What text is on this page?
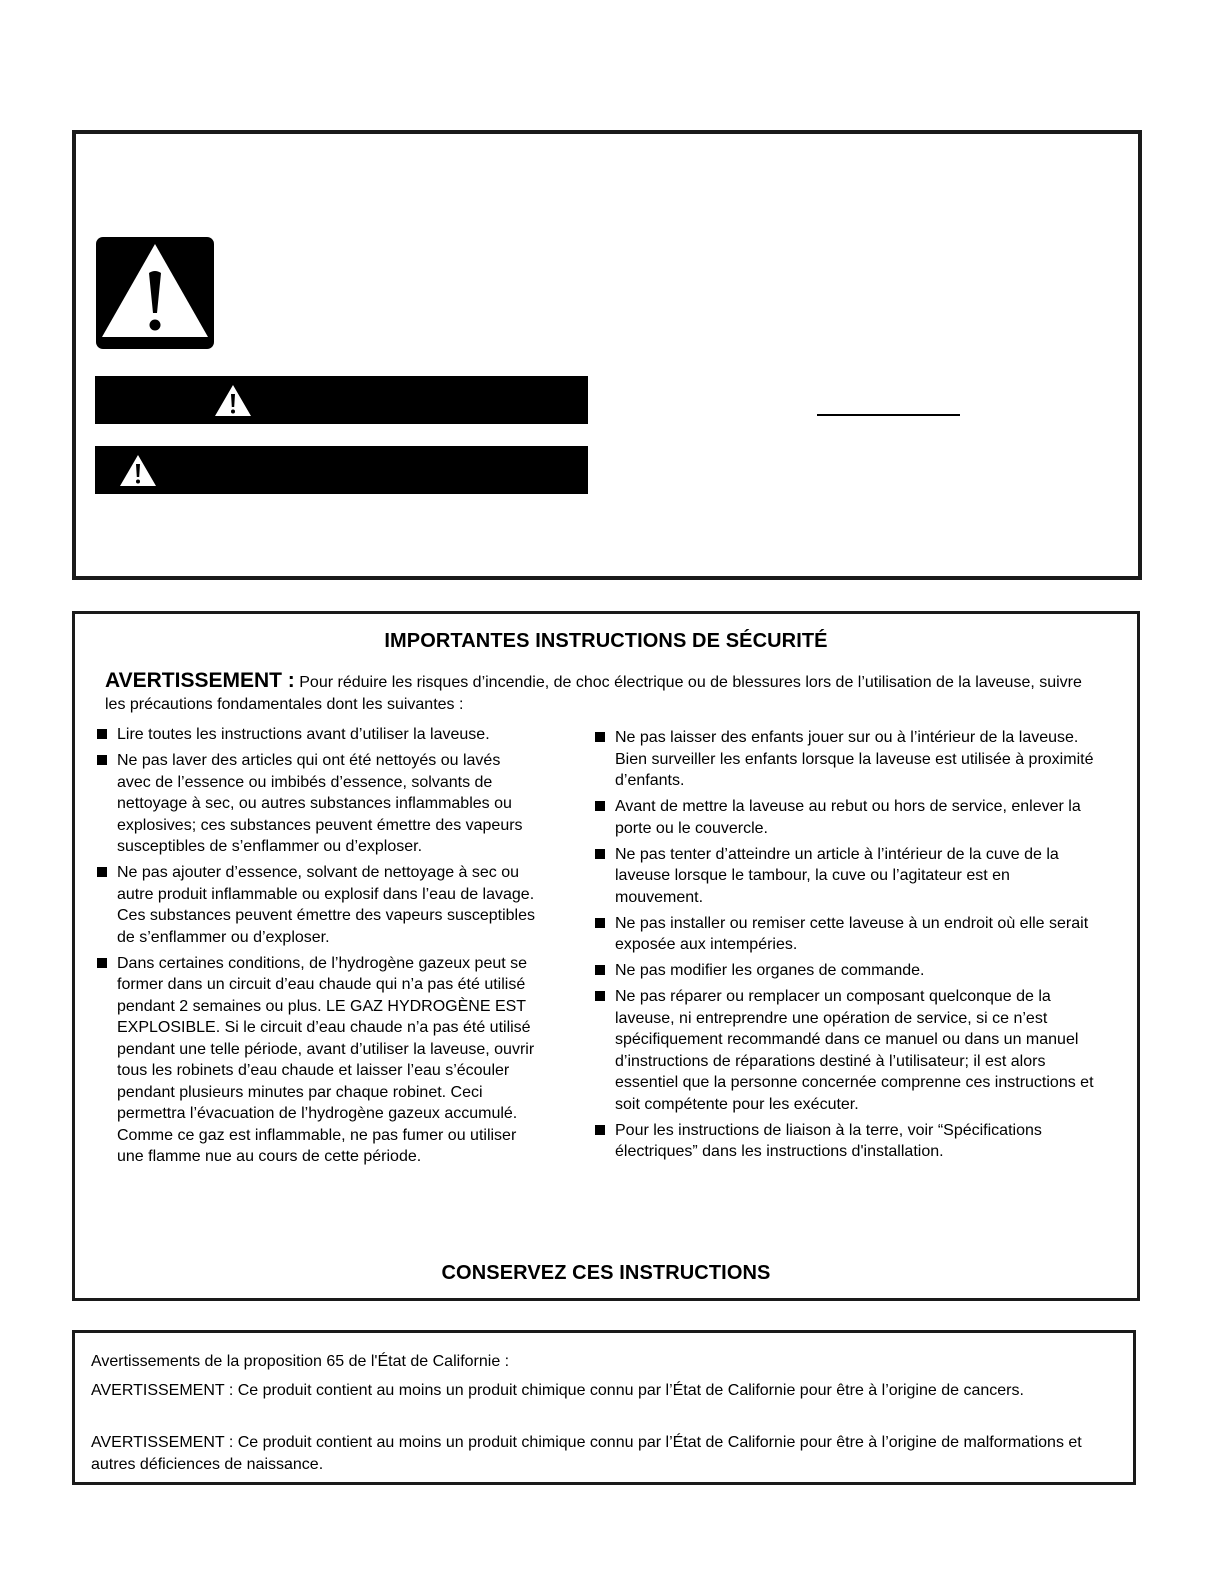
IMPORTANTES INSTRUCTIONS DE SÉCURITÉ
AVERTISSEMENT : Pour réduire les risques d’incendie, de choc électrique ou de blessures lors de l’utilisation de la laveuse, suivre les précautions fondamentales dont les suivantes :
Lire toutes les instructions avant d’utiliser la laveuse.
Ne pas laver des articles qui ont été nettoyés ou lavés avec de l’essence ou imbibés d’essence, solvants de nettoyage à sec, ou autres substances inflammables ou explosives; ces substances peuvent émettre des vapeurs susceptibles de s’enflammer ou d’exploser.
Ne pas ajouter d’essence, solvant de nettoyage à sec ou autre produit inflammable ou explosif dans l’eau de lavage. Ces substances peuvent émettre des vapeurs susceptibles de s’enflammer ou d’exploser.
Dans certaines conditions, de l’hydrogène gazeux peut se former dans un circuit d’eau chaude qui n’a pas été utilisé pendant 2 semaines ou plus. LE GAZ HYDROGÈNE EST EXPLOSIBLE. Si le circuit d’eau chaude n’a pas été utilisé pendant une telle période, avant d’utiliser la laveuse, ouvrir tous les robinets d’eau chaude et laisser l’eau s’écouler pendant plusieurs minutes par chaque robinet. Ceci permettra l’évacuation de l’hydrogène gazeux accumulé. Comme ce gaz est inflammable, ne pas fumer ou utiliser une flamme nue au cours de cette période.
Ne pas laisser des enfants jouer sur ou à l’intérieur de la laveuse. Bien surveiller les enfants lorsque la laveuse est utilisée à proximité d’enfants.
Avant de mettre la laveuse au rebut ou hors de service, enlever la porte ou le couvercle.
Ne pas tenter d’atteindre un article à l’intérieur de la cuve de la laveuse lorsque le tambour, la cuve ou l’agitateur est en mouvement.
Ne pas installer ou remiser cette laveuse à un endroit où elle serait exposée aux intempéries.
Ne pas modifier les organes de commande.
Ne pas réparer ou remplacer un composant quelconque de la laveuse, ni entreprendre une opération de service, si ce n’est spécifiquement recommandé dans ce manuel ou dans un manuel d’instructions de réparations destiné à l’utilisateur; il est alors essentiel que la personne concernée comprenne ces instructions et soit compétente pour les exécuter.
Pour les instructions de liaison à la terre, voir “Spécifications électriques” dans les instructions d'installation.
CONSERVEZ CES INSTRUCTIONS
Avertissements de la proposition 65 de l'État de Californie :
AVERTISSEMENT : Ce produit contient au moins un produit chimique connu par l’État de Californie pour être à l’origine de cancers.
AVERTISSEMENT : Ce produit contient au moins un produit chimique connu par l’État de Californie pour être à l’origine de malformations et autres déficiences de naissance.
